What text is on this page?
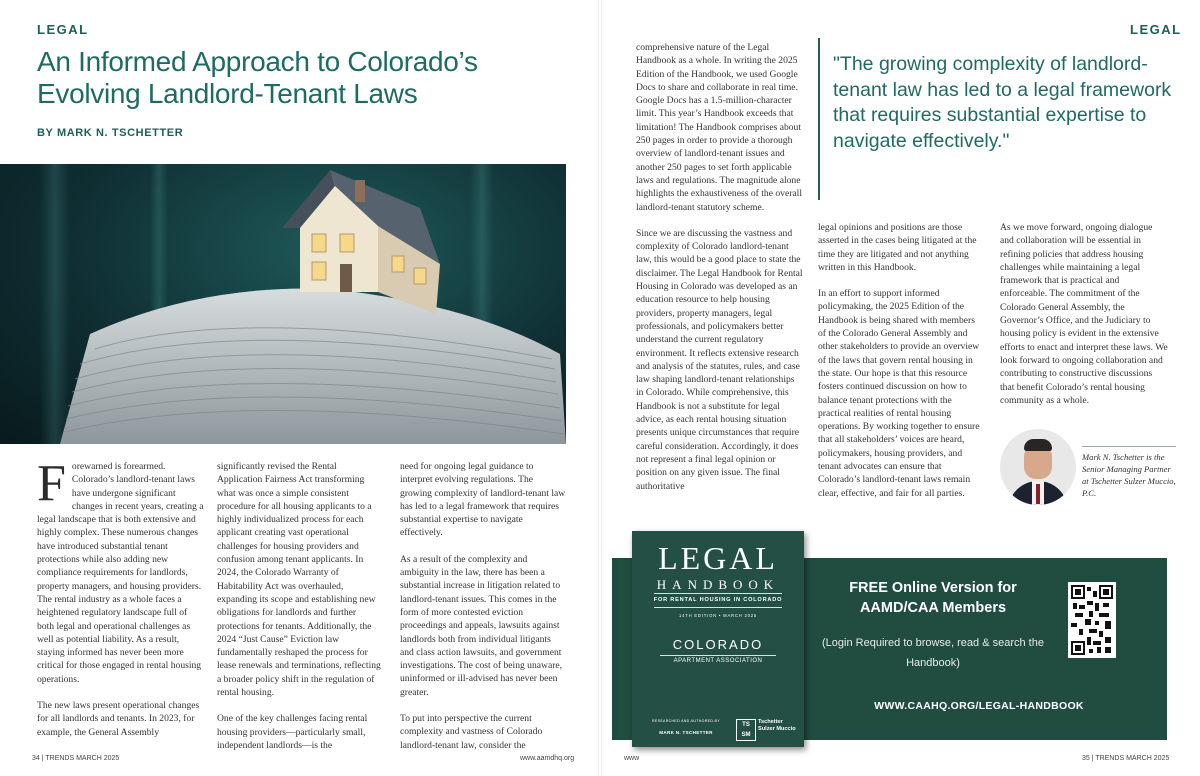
LEGAL
An Informed Approach to Colorado’s Evolving Landlord-Tenant Laws
BY MARK N. TSCHETTER

Forewarned is forearmed. Colorado’s landlord-tenant laws have undergone significant changes in recent years, creating a legal landscape that is both extensive and highly complex. These numerous changes have introduced substantial tenant protections while also adding new compliance requirements for landlords, property managers, and housing providers. The rental industry as a whole faces a heightened regulatory landscape full of both legal and operational challenges as well as potential liability. As a result, staying informed has never been more critical for those engaged in rental housing operations.

The new laws present operational changes for all landlords and tenants. In 2023, for example, the General Assembly

significantly revised the Rental Application Fairness Act transforming what was once a simple consistent procedure for all housing applicants to a highly individualized process for each applicant creating vast operational challenges for housing providers and confusion among tenant applicants. In 2024, the Colorado Warranty of Habitability Act was overhauled, expanding its scope and establishing new obligations for landlords and further protections for tenants. Additionally, the 2024 “Just Cause” Eviction law fundamentally reshaped the process for lease renewals and terminations, reflecting a broader policy shift in the regulation of rental housing.

One of the key challenges facing rental housing providers—particularly small, independent landlords—is the

need for ongoing legal guidance to interpret evolving regulations. The growing complexity of landlord-tenant law has led to a legal framework that requires substantial expertise to navigate effectively.

As a result of the complexity and ambiguity in the law, there has been a substantial increase in litigation related to landlord-tenant issues. This comes in the form of more contested eviction proceedings and appeals, lawsuits against landlords both from individual litigants and class action lawsuits, and government investigations. The cost of being unaware, uninformed or ill-advised has never been greater.

To put into perspective the current complexity and vastness of Colorado landlord-tenant law, consider the

34 | TRENDS MARCH 2025	www.aamdhq.org
LEGAL

comprehensive nature of the Legal Handbook as a whole. In writing the 2025 Edition of the Handbook, we used Google Docs to share and collaborate in real time. Google Docs has a 1.5-million-character limit. This year’s Handbook exceeds that limitation! The Handbook comprises about 250 pages in order to provide a thorough overview of landlord-tenant issues and another 250 pages to set forth applicable laws and regulations. The magnitude alone highlights the exhaustiveness of the overall landlord-tenant statutory scheme.

Since we are discussing the vastness and complexity of Colorado landlord-tenant law, this would be a good place to state the disclaimer. The Legal Handbook for Rental Housing in Colorado was developed as an education resource to help housing providers, property managers, legal professionals, and policymakers better understand the current regulatory environment. It reflects extensive research and analysis of the statutes, rules, and case law shaping landlord-tenant relationships in Colorado. While comprehensive, this Handbook is not a substitute for legal advice, as each rental housing situation presents unique circumstances that require careful consideration. Accordingly, it does not represent a final legal opinion or position on any given issue. The final authoritative

"The growing complexity of landlord-tenant law has led to a legal framework that requires substantial expertise to navigate effectively."

legal opinions and positions are those asserted in the cases being litigated at the time they are litigated and not anything written in this Handbook.

In an effort to support informed policymaking, the 2025 Edition of the Handbook is being shared with members of the Colorado General Assembly and other stakeholders to provide an overview of the laws that govern rental housing in the state. Our hope is that this resource fosters continued discussion on how to balance tenant protections with the practical realities of rental housing operations. By working together to ensure that all stakeholders’ voices are heard, policymakers, housing providers, and tenant advocates can ensure that Colorado’s landlord-tenant laws remain clear, effective, and fair for all parties.

As we move forward, ongoing dialogue and collaboration will be essential in refining policies that address housing challenges while maintaining a legal framework that is practical and enforceable. The commitment of the Colorado General Assembly, the Governor’s Office, and the Judiciary to housing policy is evident in the extensive efforts to enact and interpret these laws. We look forward to ongoing collaboration and contributing to constructive discussions that benefit Colorado’s rental housing community as a whole.

Mark N. Tschetter is the Senior Managing Partner at Tschetter Sulzer Muccio, P.C.
FREE Online Version for AAMD/CAA Members
(Login Required to browse, read & search the Handbook)
WWW.CAAHQ.ORG/LEGAL-HANDBOOK
LEGAL
HANDBOOK
FOR RENTAL HOUSING IN COLORADO
14TH EDITION • MARCH 2025
COLORADO
APARTMENT ASSOCIATION
RESEARCHED AND AUTHORED BY
MARK N. TSCHETTER
TS SM
Tschetter Sulzer Muccio
www	35 | TRENDS MARCH 2025
